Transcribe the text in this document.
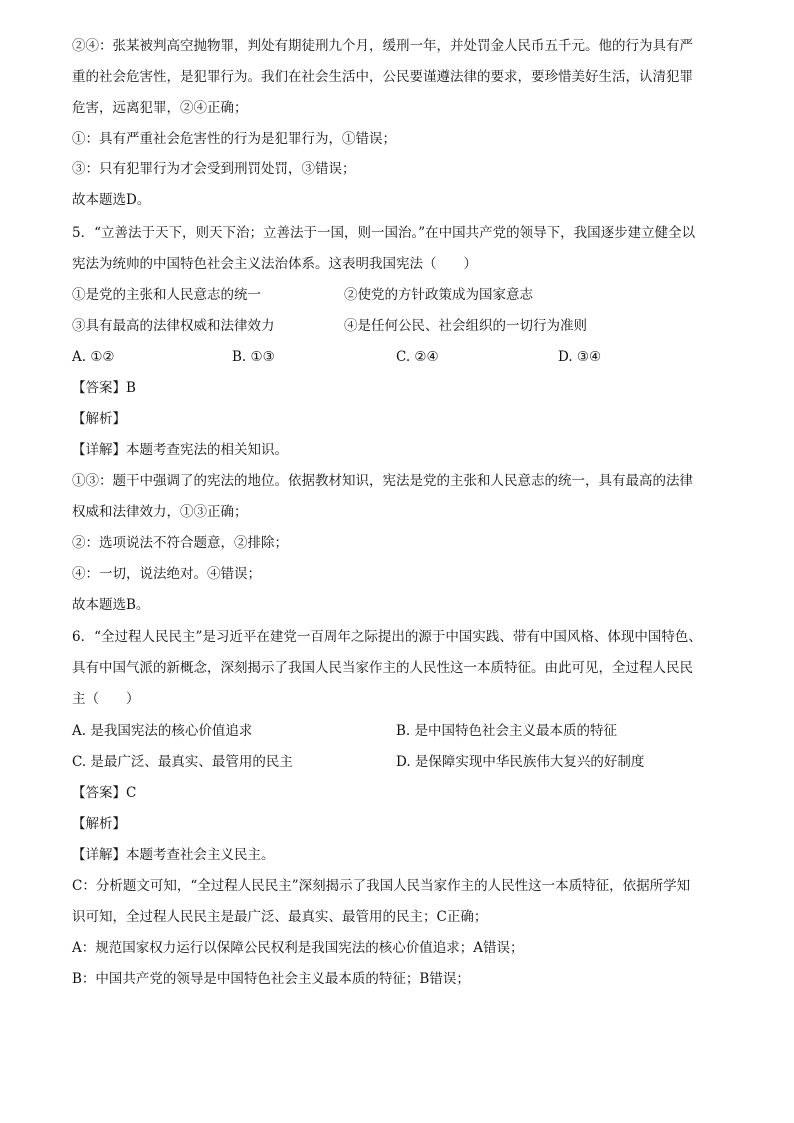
②④：张某被判高空抛物罪，判处有期徒刑九个月，缓刑一年，并处罚金人民币五千元。他的行为具有严
重的社会危害性，是犯罪行为。我们在社会生活中，公民要谨遵法律的要求，要珍惜美好生活，认清犯罪
危害，远离犯罪，②④正确；
①：具有严重社会危害性的行为是犯罪行为，①错误；
③：只有犯罪行为才会受到刑罚处罚，③错误；
故本题选D。
5．“立善法于天下，则天下治；立善法于一国，则一国治。”在中国共产党的领导下，我国逐步建立健全以
宪法为统帅的中国特色社会主义法治体系。这表明我国宪法（　　）
①是党的主张和人民意志的统一	②使党的方针政策成为国家意志
③具有最高的法律权威和法律效力	④是任何公民、社会组织的一切行为准则
A. ①②	B. ①③	C. ②④	D. ③④
【答案】B
【解析】
【详解】本题考查宪法的相关知识。
①③：题干中强调了的宪法的地位。依据教材知识，宪法是党的主张和人民意志的统一，具有最高的法律
权威和法律效力，①③正确；
②：选项说法不符合题意，②排除；
④：一切，说法绝对。④错误；
故本题选B。
6．“全过程人民民主”是习近平在建党一百周年之际提出的源于中国实践、带有中国风格、体现中国特色、
具有中国气派的新概念，深刻揭示了我国人民当家作主的人民性这一本质特征。由此可见，全过程人民民
主（　　）
A. 是我国宪法的核心价值追求	B. 是中国特色社会主义最本质的特征
C. 是最广泛、最真实、最管用的民主	D. 是保障实现中华民族伟大复兴的好制度
【答案】C
【解析】
【详解】本题考查社会主义民主。
C：分析题文可知，“全过程人民民主”深刻揭示了我国人民当家作主的人民性这一本质特征，依据所学知
识可知，全过程人民民主是最广泛、最真实、最管用的民主；C正确；
A：规范国家权力运行以保障公民权利是我国宪法的核心价值追求；A错误；
B：中国共产党的领导是中国特色社会主义最本质的特征；B错误；
